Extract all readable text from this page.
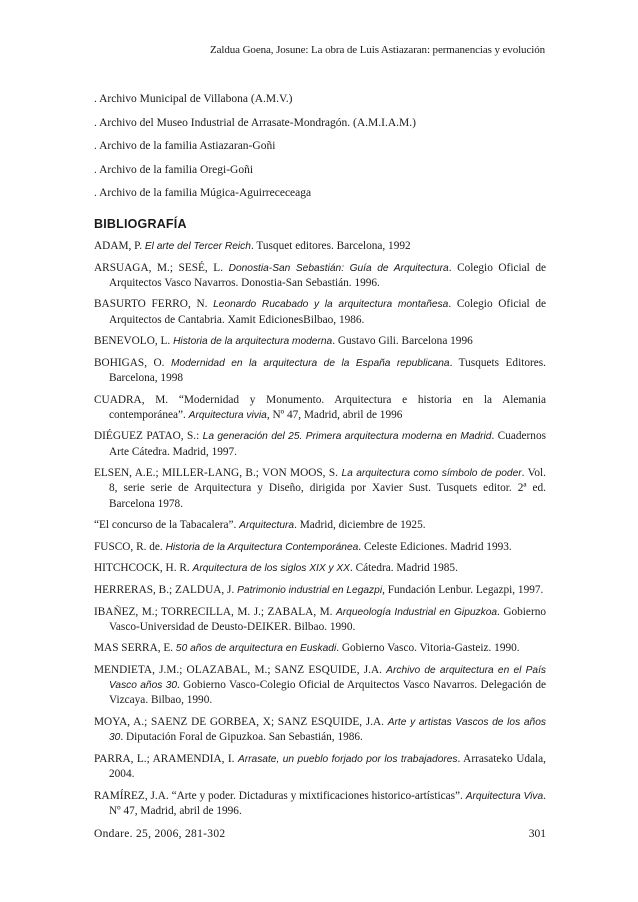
Zaldua Goena, Josune: La obra de Luis Astiazaran: permanencias y evolución
. Archivo Municipal de Villabona (A.M.V.)
. Archivo del Museo Industrial de Arrasate-Mondragón. (A.M.I.A.M.)
. Archivo de la familia Astiazaran-Goñi
. Archivo de la familia Oregi-Goñi
. Archivo de la familia Múgica-Aguirrececeaga
BIBLIOGRAFÍA
ADAM, P. El arte del Tercer Reich. Tusquet editores. Barcelona, 1992
ARSUAGA, M.; SESÉ, L. Donostia-San Sebastián: Guía de Arquitectura. Colegio Oficial de Arquitectos Vasco Navarros. Donostia-San Sebastián. 1996.
BASURTO FERRO, N. Leonardo Rucabado y la arquitectura montañesa. Colegio Oficial de Arquitectos de Cantabria. Xamit EdicionesBilbao, 1986.
BENEVOLO, L. Historia de la arquitectura moderna. Gustavo Gili. Barcelona 1996
BOHIGAS, O. Modernidad en la arquitectura de la España republicana. Tusquets Editores. Barcelona, 1998
CUADRA, M. “Modernidad y Monumento. Arquitectura e historia en la Alemania contemporánea”. Arquitectura vivia, Nº 47, Madrid, abril de 1996
DIÉGUEZ PATAO, S.: La generación del 25. Primera arquitectura moderna en Madrid. Cuadernos Arte Cátedra. Madrid, 1997.
ELSEN, A.E.; MILLER-LANG, B.; VON MOOS, S. La arquitectura como símbolo de poder. Vol. 8, serie serie de Arquitectura y Diseño, dirigida por Xavier Sust. Tusquets editor. 2ª ed. Barcelona 1978.
“El concurso de la Tabacalera”. Arquitectura. Madrid, diciembre de 1925.
FUSCO, R. de. Historia de la Arquitectura Contemporánea. Celeste Ediciones. Madrid 1993.
HITCHCOCK, H. R. Arquitectura de los siglos XIX y XX. Cátedra. Madrid 1985.
HERRERAS, B.; ZALDUA, J. Patrimonio industrial en Legazpi, Fundación Lenbur. Legazpi, 1997.
IBAÑEZ, M.; TORRECILLA, M. J.; ZABALA, M. Arqueología Industrial en Gipuzkoa. Gobierno Vasco-Universidad de Deusto-DEIKER. Bilbao. 1990.
MAS SERRA, E. 50 años de arquitectura en Euskadi. Gobierno Vasco. Vitoria-Gasteiz. 1990.
MENDIETA, J.M.; OLAZABAL, M.; SANZ ESQUIDE, J.A. Archivo de arquitectura en el País Vasco años 30. Gobierno Vasco-Colegio Oficial de Arquitectos Vasco Navarros. Delegación de Vizcaya. Bilbao, 1990.
MOYA, A.; SAENZ DE GORBEA, X; SANZ ESQUIDE, J.A. Arte y artistas Vascos de los años 30. Diputación Foral de Gipuzkoa. San Sebastián, 1986.
PARRA, L.; ARAMENDIA, I. Arrasate, un pueblo forjado por los trabajadores. Arrasateko Udala, 2004.
RAMÍREZ, J.A. “Arte y poder. Dictaduras y mixtificaciones historico-artísticas”. Arquitectura Viva. Nº 47, Madrid, abril de 1996.
Ondare. 25, 2006, 281-302	301
